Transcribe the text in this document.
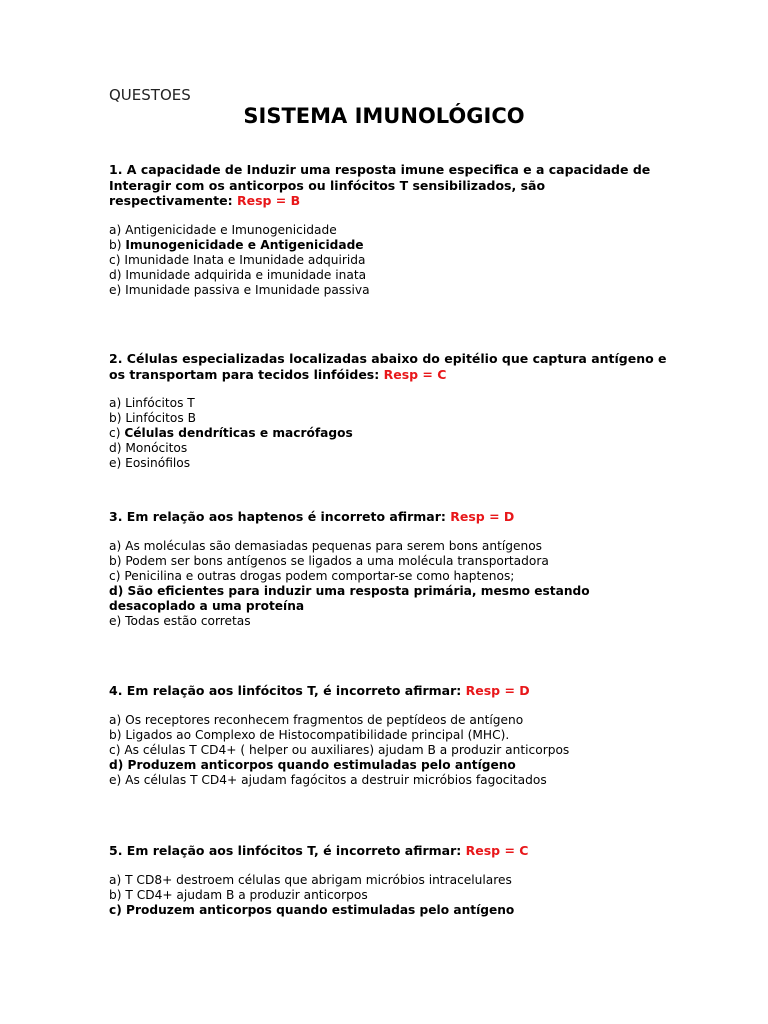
QUESTOES
SISTEMA IMUNOLÓGICO

1. A capacidade de Induzir uma resposta imune especifica e a capacidade de Interagir com os anticorpos ou linfócitos T sensibilizados, são respectivamente: Resp = B

a) Antigenicidade e Imunogenicidade
b) Imunogenicidade e Antigenicidade
c) Imunidade Inata e Imunidade adquirida
d) Imunidade adquirida e imunidade inata
e) Imunidade passiva e Imunidade passiva

2. Células especializadas localizadas abaixo do epitélio que captura antígeno e os transportam para tecidos linfóides: Resp = C

a) Linfócitos T
b) Linfócitos B
c) Células dendríticas e macrófagos
d) Monócitos
e) Eosinófilos

3. Em relação aos haptenos é incorreto afirmar: Resp = D

a) As moléculas são demasiadas pequenas para serem bons antígenos
b) Podem ser bons antígenos se ligados a uma molécula transportadora
c) Penicilina e outras drogas podem comportar-se como haptenos;
d) São eficientes para induzir uma resposta primária, mesmo estando desacoplado a uma proteína
e) Todas estão corretas

4. Em relação aos linfócitos T, é incorreto afirmar: Resp = D

a) Os receptores reconhecem fragmentos de peptídeos de antígeno
b) Ligados ao Complexo de Histocompatibilidade principal (MHC).
c) As células T CD4+ ( helper ou auxiliares) ajudam B a produzir anticorpos
d) Produzem anticorpos quando estimuladas pelo antígeno
e) As células T CD4+ ajudam fagócitos a destruir micróbios fagocitados

5. Em relação aos linfócitos T, é incorreto afirmar: Resp = C

a) T CD8+ destroem células que abrigam micróbios intracelulares
b) T CD4+ ajudam B a produzir anticorpos
c) Produzem anticorpos quando estimuladas pelo antígeno
